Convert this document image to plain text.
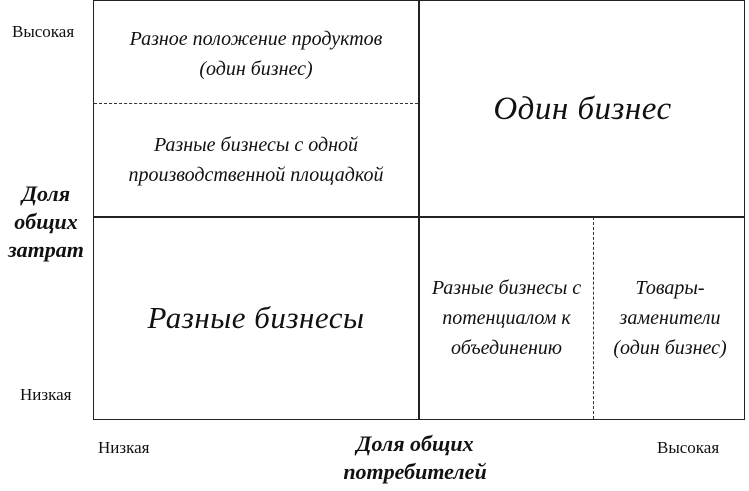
Высокая
Доля
общих
затрат
Низкая
Разное положение продуктов (один бизнес)
Разные бизнесы с одной производственной площадкой
Один бизнес
Разные бизнесы
Разные бизнесы с потенциалом к объединению
Товары-заменители (один бизнес)
Низкая	Доля общих
потребителей
Высокая
